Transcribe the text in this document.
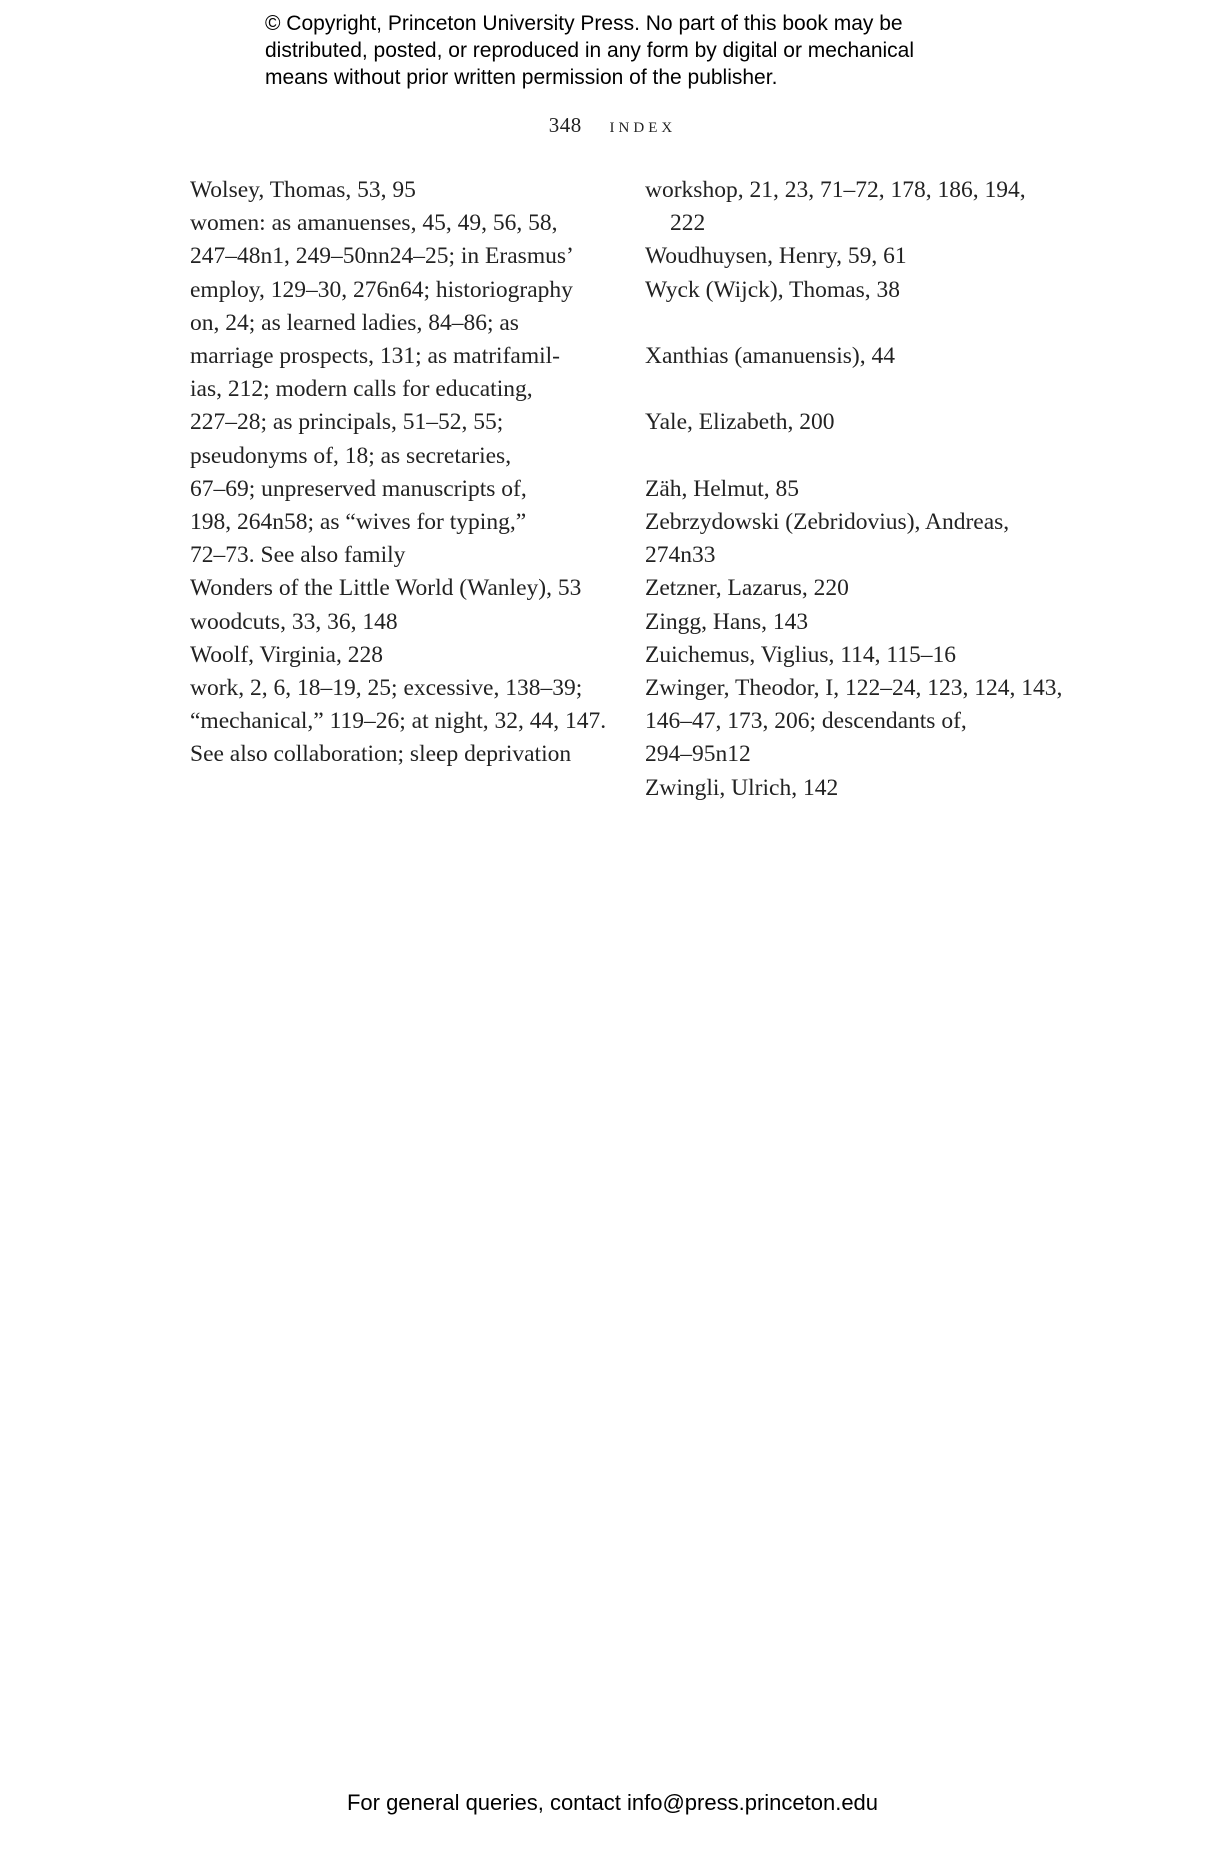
© Copyright, Princeton University Press. No part of this book may be
distributed, posted, or reproduced in any form by digital or mechanical
means without prior written permission of the publisher.
348 index
Wolsey, Thomas, 53, 95
women: as amanuenses, 45, 49, 56, 58,
247–48n1, 249–50nn24–25; in Erasmus’
employ, 129–30, 276n64; historiography
on, 24; as learned ladies, 84–86; as
marriage prospects, 131; as matrifamil-
ias, 212; modern calls for educating,
227–28; as principals, 51–52, 55;
pseudonyms of, 18; as secretaries,
67–69; unpreserved manuscripts of,
198, 264n58; as “wives for typing,”
72–73. See also family
Wonders of the Little World (Wanley), 53
woodcuts, 33, 36, 148
Woolf, Virginia, 228
work, 2, 6, 18–19, 25; excessive, 138–39;
“mechanical,” 119–26; at night, 32, 44, 147.
See also collaboration; sleep deprivation
workshop, 21, 23, 71–72, 178, 186, 194, 222
Woudhuysen, Henry, 59, 61
Wyck (Wijck), Thomas, 38
Xanthias (amanuensis), 44
Yale, Elizabeth, 200
Zäh, Helmut, 85
Zebrzydowski (Zebridovius), Andreas,
274n33
Zetzner, Lazarus, 220
Zingg, Hans, 143
Zuichemus, Viglius, 114, 115–16
Zwinger, Theodor, I, 122–24, 123, 124, 143,
146–47, 173, 206; descendants of,
294–95n12
Zwingli, Ulrich, 142
For general queries, contact info@press.princeton.edu
